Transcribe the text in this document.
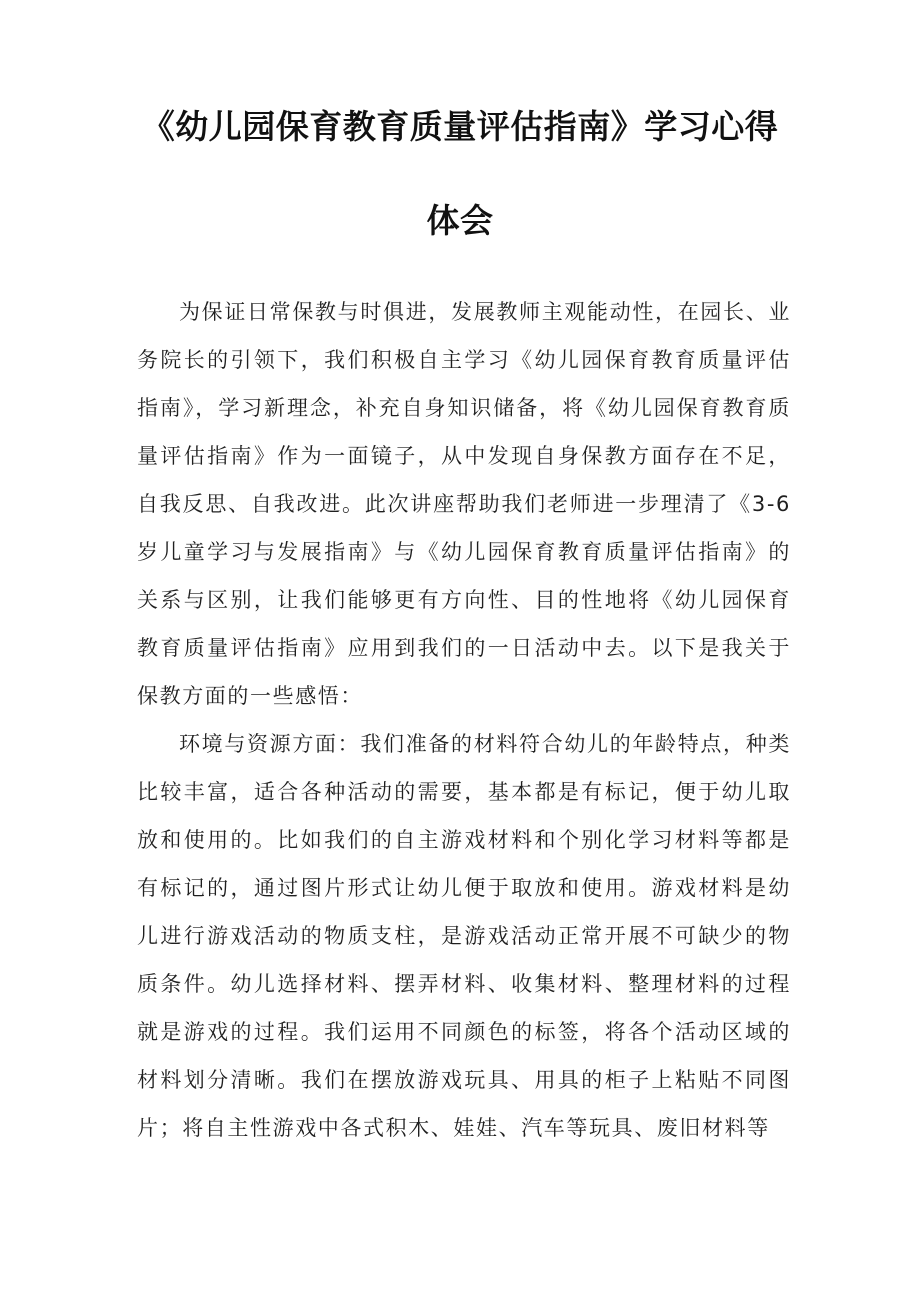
《幼儿园保育教育质量评估指南》学习心得
体会

为保证日常保教与时俱进，发展教师主观能动性，在园长、业务院长的引领下，我们积极自主学习《幼儿园保育教育质量评估指南》，学习新理念，补充自身知识储备，将《幼儿园保育教育质量评估指南》作为一面镜子，从中发现自身保教方面存在不足，自我反思、自我改进。此次讲座帮助我们老师进一步理清了《3-6岁儿童学习与发展指南》与《幼儿园保育教育质量评估指南》的关系与区别，让我们能够更有方向性、目的性地将《幼儿园保育教育质量评估指南》应用到我们的一日活动中去。以下是我关于保教方面的一些感悟：

环境与资源方面：我们准备的材料符合幼儿的年龄特点，种类比较丰富，适合各种活动的需要，基本都是有标记，便于幼儿取放和使用的。比如我们的自主游戏材料和个别化学习材料等都是有标记的，通过图片形式让幼儿便于取放和使用。游戏材料是幼儿进行游戏活动的物质支柱，是游戏活动正常开展不可缺少的物质条件。幼儿选择材料、摆弄材料、收集材料、整理材料的过程就是游戏的过程。我们运用不同颜色的标签，将各个活动区域的材料划分清晰。我们在摆放游戏玩具、用具的柜子上粘贴不同图片；将自主性游戏中各式积木、娃娃、汽车等玩具、废旧材料等
